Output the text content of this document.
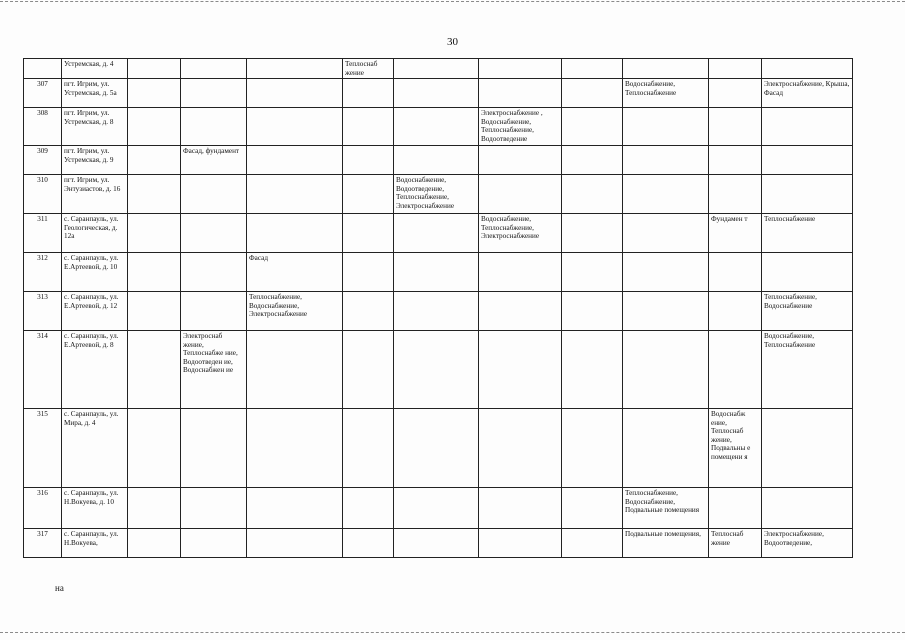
30
	Устремская, д. 4				Теплоснаб жение						
307	пгт. Игрим, ул. Устремская, д. 5а								Водоснабжение, Теплоснабжение		Электроснабжение, Крыша, Фасад
308	пгт. Игрим, ул. Устремская, д. 8						Электроснабжение , Водоснабжение, Теплоснабжение, Водоотведение				
309	пгт. Игрим, ул. Устремская, д. 9		Фасад, фундамент								
310	пгт. Игрим, ул. Энтузиастов, д. 16					Водоснабжение, Водоотведение, Теплоснабжение, Электроснабжение					
311	с. Саранпауль, ул. Геологическая, д. 12а						Водоснабжение, Теплоснабжение, Электроснабжение			Фундамен т	Теплоснабжение
312	с. Саранпауль, ул. Е.Артеевой, д. 10			Фасад							
313	с. Саранпауль, ул. Е.Артеевой, д. 12			Теплоснабжение, Водоснабжение, Электроснабжение							Теплоснабжение, Водоснабжение
314	с. Саранпауль, ул. Е.Артеевой, д. 8		Электроснаб жение, Теплоснабже ние, Водоотведен ие, Водоснабжен ие								Водоснабжение, Теплоснабжение
315	с. Саранпауль, ул. Мира, д. 4									Водоснабж ение, Теплоснаб жение, Подвальны е помещени я	
316	с. Саранпауль, ул. Н.Вокуева, д. 10								Теплоснабжение, Водоснабжение, Подвальные помещения		
317	с. Саранпауль, ул. Н.Вокуева,								Подвальные помещения,	Теплоснаб жение	Электроснабжение, Водоотведение,
на
